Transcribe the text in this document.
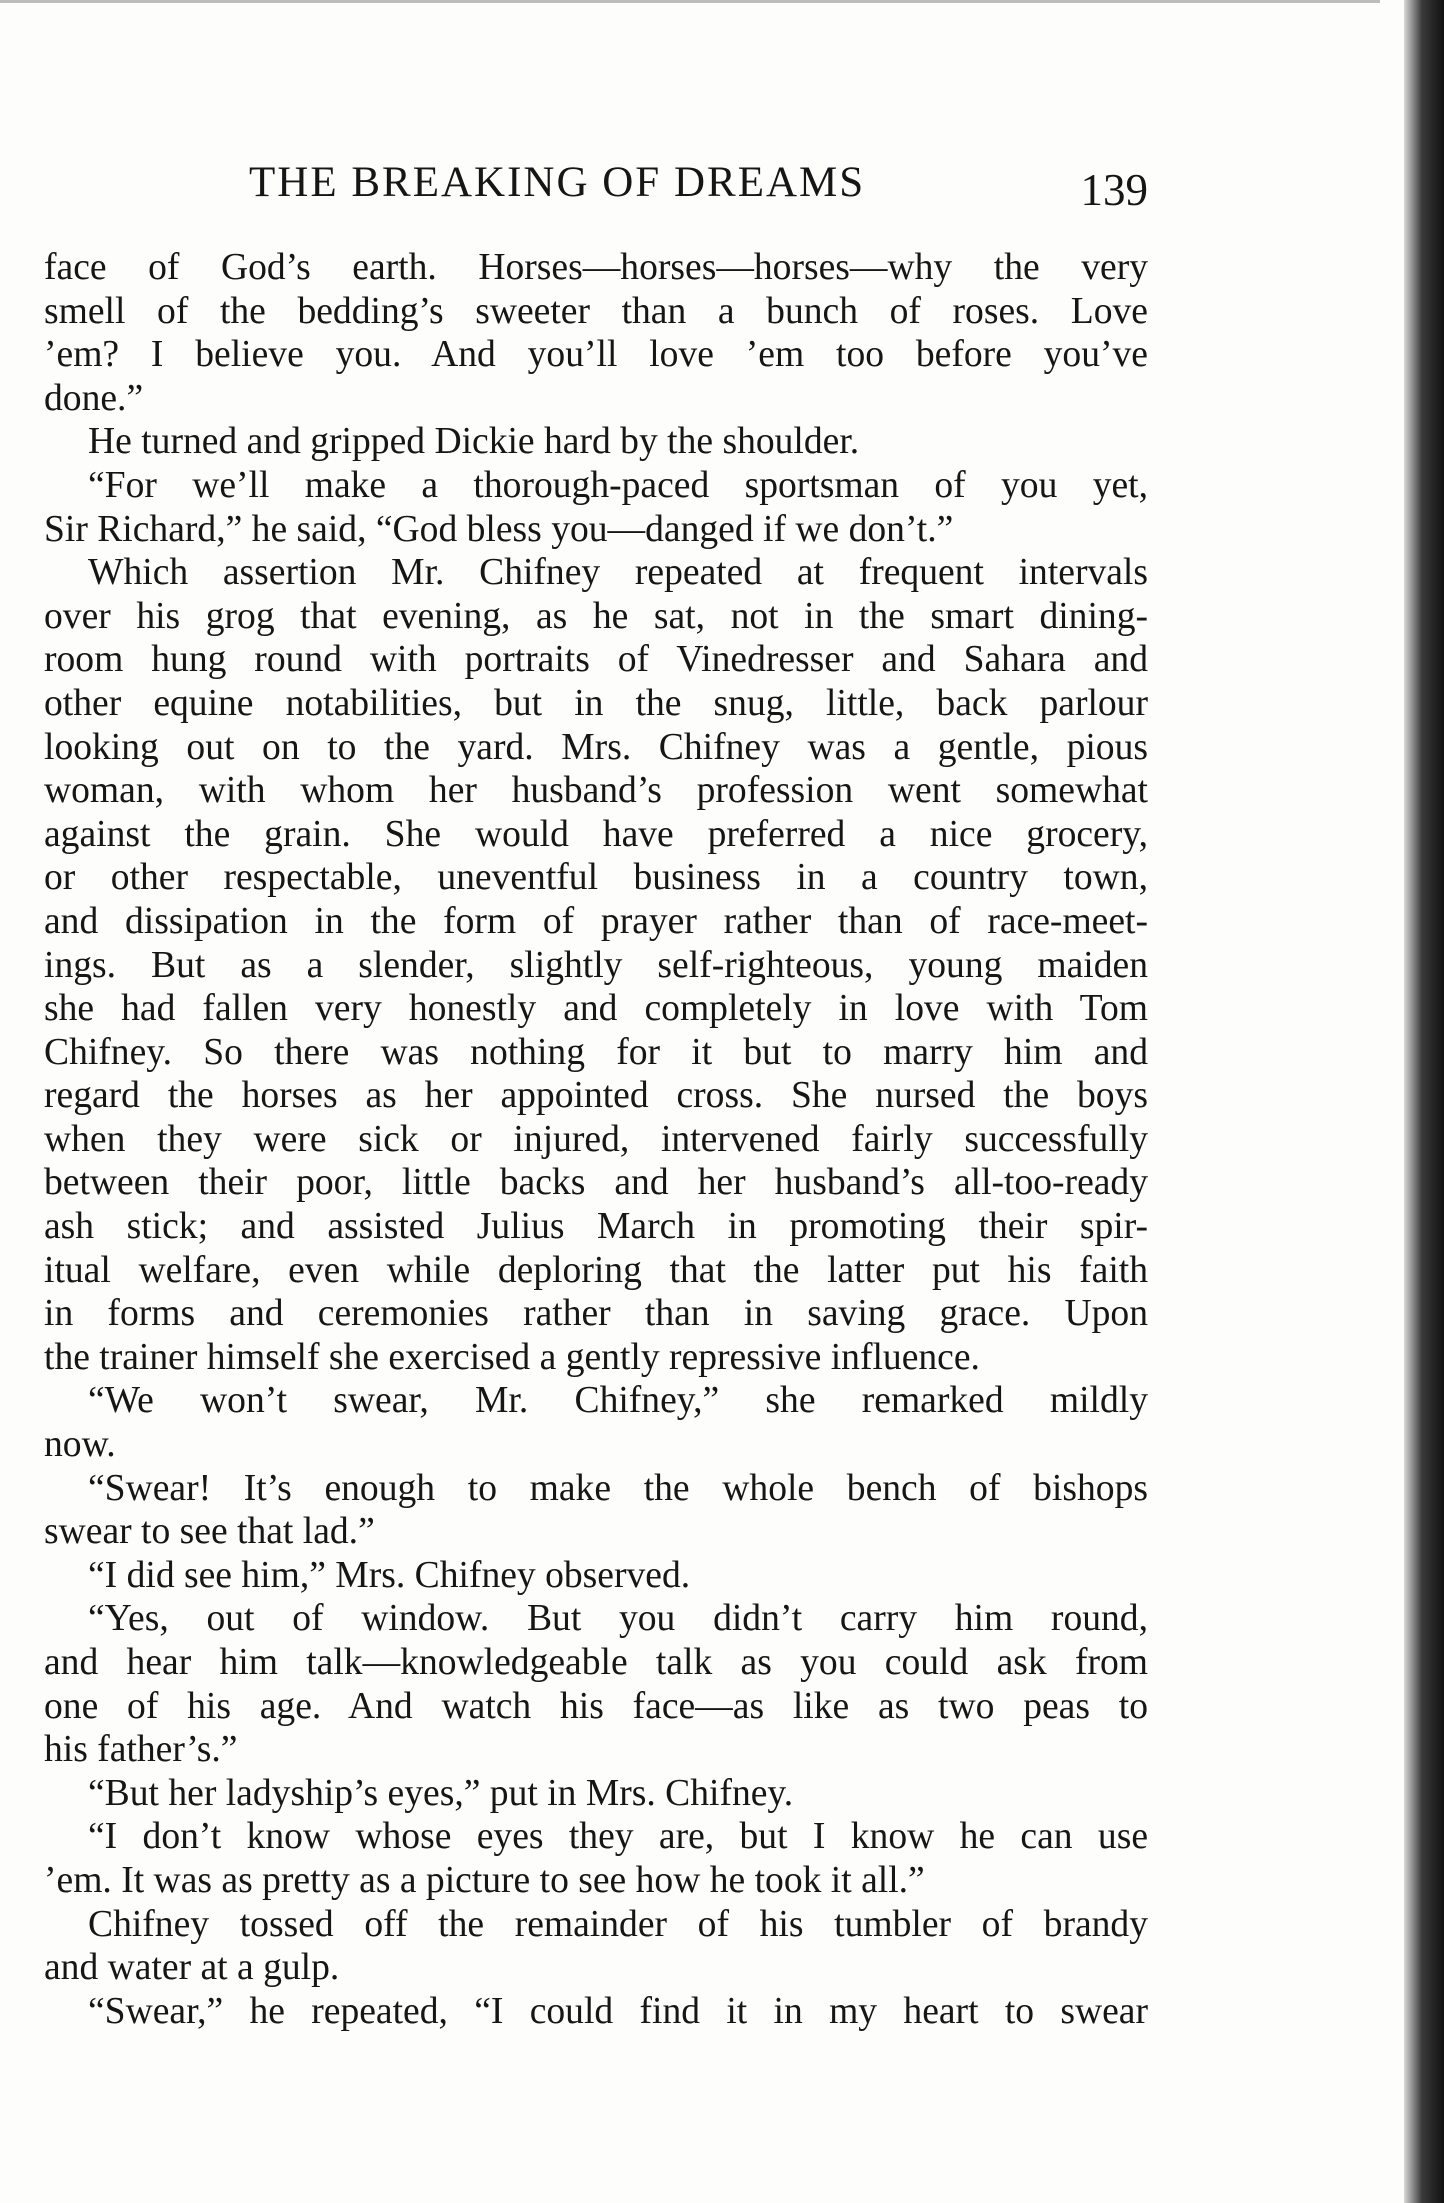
THE BREAKING OF DREAMS	139
face of God’s earth. Horses—horses—horses—why the very
smell of the bedding’s sweeter than a bunch of roses. Love
’em? I believe you. And you’ll love ’em too before you’ve
done.”
He turned and gripped Dickie hard by the shoulder.
“For we’ll make a thorough-paced sportsman of you yet,
Sir Richard,” he said, “God bless you—danged if we don’t.”
Which assertion Mr. Chifney repeated at frequent intervals
over his grog that evening, as he sat, not in the smart dining-
room hung round with portraits of Vinedresser and Sahara and
other equine notabilities, but in the snug, little, back parlour
looking out on to the yard. Mrs. Chifney was a gentle, pious
woman, with whom her husband’s profession went somewhat
against the grain. She would have preferred a nice grocery,
or other respectable, uneventful business in a country town,
and dissipation in the form of prayer rather than of race-meet-
ings. But as a slender, slightly self-righteous, young maiden
she had fallen very honestly and completely in love with Tom
Chifney. So there was nothing for it but to marry him and
regard the horses as her appointed cross. She nursed the boys
when they were sick or injured, intervened fairly successfully
between their poor, little backs and her husband’s all-too-ready
ash stick; and assisted Julius March in promoting their spir-
itual welfare, even while deploring that the latter put his faith
in forms and ceremonies rather than in saving grace. Upon
the trainer himself she exercised a gently repressive influence.
“We won’t swear, Mr. Chifney,” she remarked mildly
now.
“Swear! It’s enough to make the whole bench of bishops
swear to see that lad.”
“I did see him,” Mrs. Chifney observed.
“Yes, out of window. But you didn’t carry him round,
and hear him talk—knowledgeable talk as you could ask from
one of his age. And watch his face—as like as two peas to
his father’s.”
“But her ladyship’s eyes,” put in Mrs. Chifney.
“I don’t know whose eyes they are, but I know he can use
’em. It was as pretty as a picture to see how he took it all.”
Chifney tossed off the remainder of his tumbler of brandy
and water at a gulp.
“Swear,” he repeated, “I could find it in my heart to swear
